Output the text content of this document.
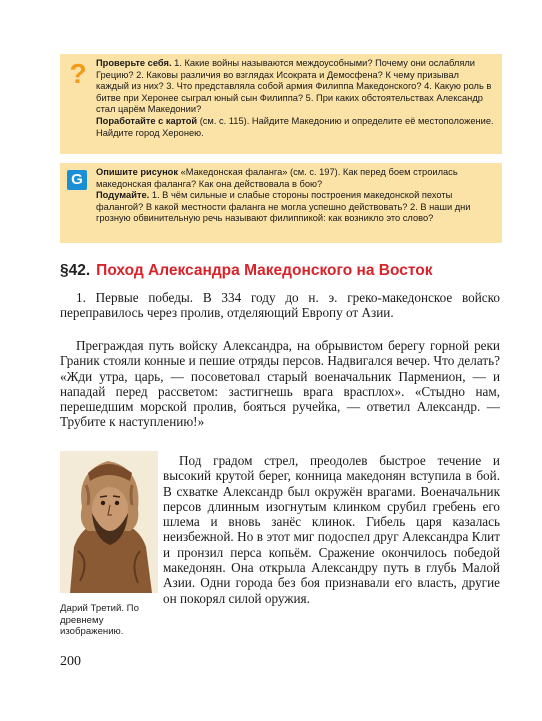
? Проверьте себя. 1. Какие войны называются междоусобными? Почему они ослабляли Грецию? 2. Каковы различия во взглядах Исократа и Демосфена? К чему призывал каждый из них? 3. Что представляла собой армия Филиппа Македонского? 4. Какую роль в битве при Херонее сыграл юный сын Филиппа? 5. При каких обстоятельствах Александр стал царём Македонии?

Поработайте с картой (см. с. 115). Найдите Македонию и определите её местоположение. Найдите город Херонею.

G	Опишите рисунок «Македонская фаланга» (см. с. 197). Как перед боем строилась македонская фаланга? Как она действовала в бою?

Подумайте. 1. В чём сильные и слабые стороны построения македонской пехоты фалангой? В какой местности фаланга не могла успешно действовать? 2. В наши дни грозную обвинительную речь называют филиппикой: как возникло это слово?

§42. Поход Александра Македонского на Восток

1. Первые победы. В 334 году до н. э. греко-македонское войско переправилось через пролив, отделяющий Европу от Азии.

Преграждая путь войску Александра, на обрывистом берегу горной реки Граник стояли конные и пешие отряды персов. Надвигался вечер. Что делать? «Жди утра, царь, — посоветовал старый военачальник Парменион, — и нападай перед рассветом: застигнешь врага врасплох». «Стыдно нам, перешедшим морской пролив, бояться ручейка, — ответил Александр. — Трубите к наступлению!»

Дарий Третий. По древнему изображению.

Под градом стрел, преодолев быстрое течение и высокий крутой берег, конница македонян вступила в бой. В схватке Александр был окружён врагами. Военачальник персов длинным изогнутым клинком срубил гребень его шлема и вновь занёс клинок. Гибель царя казалась неизбежной. Но в этот миг подоспел друг Александра Клит и пронзил перса копьём. Сражение окончилось победой македонян. Она открыла Александру путь в глубь Малой Азии. Одни города без боя признавали его власть, другие он покорял силой оружия.

200
